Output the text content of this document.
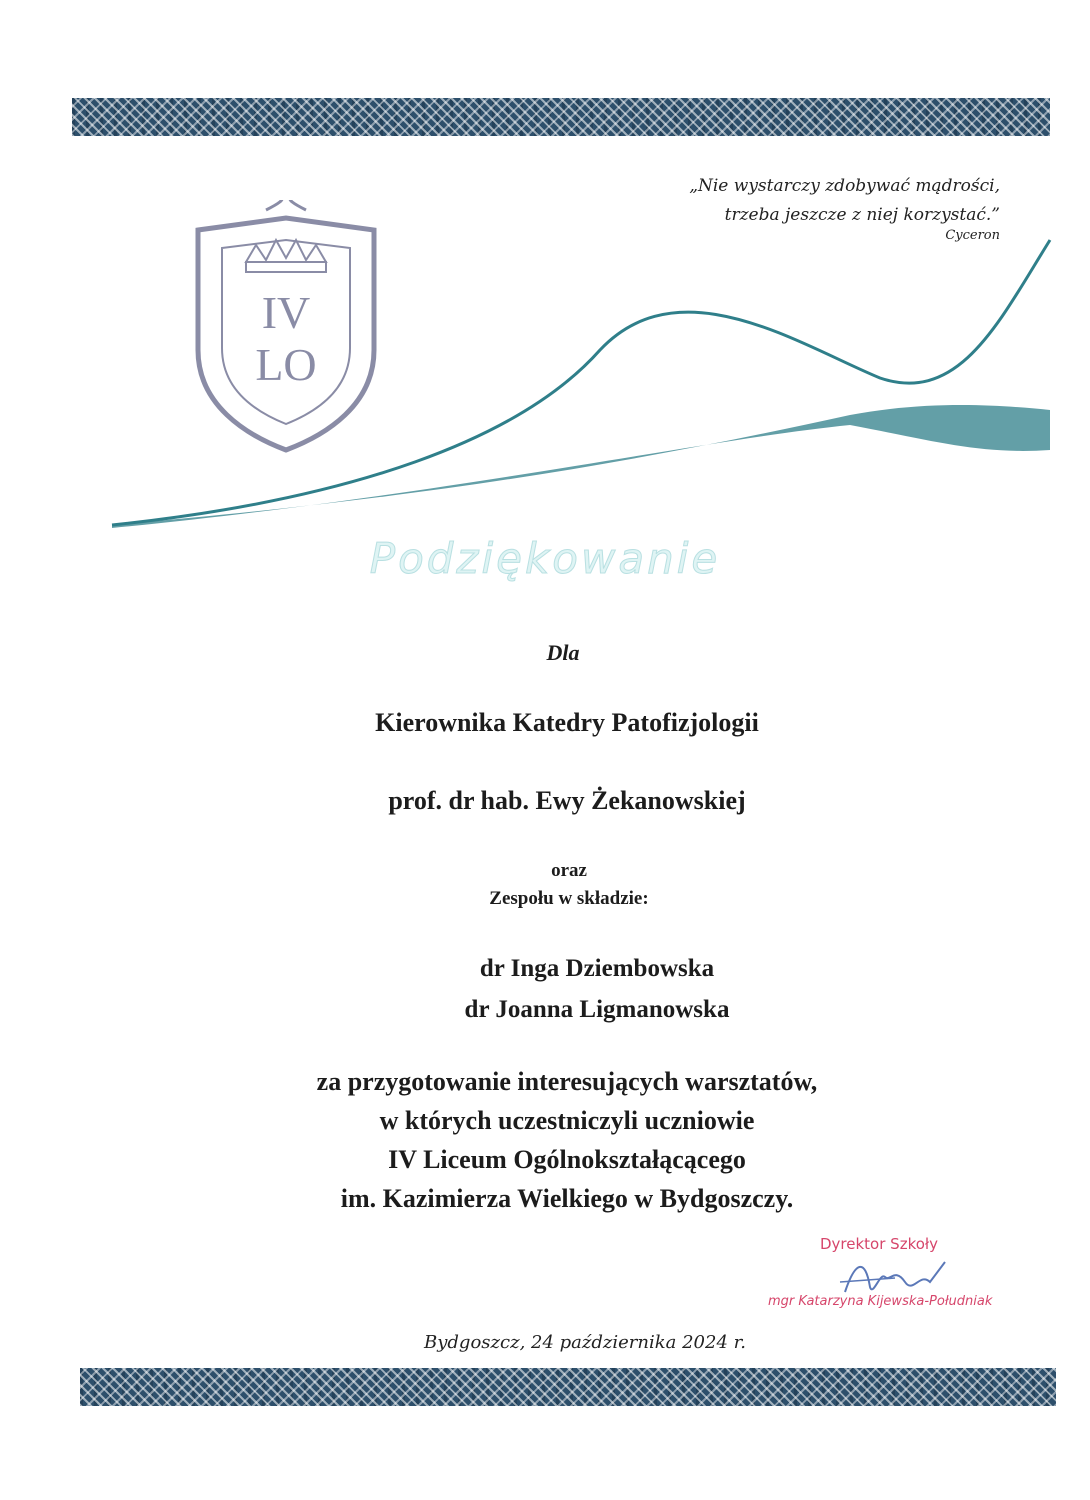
„Nie wystarczy zdobywać mądrości,
trzeba jeszcze z niej korzystać.”
Cyceron
IV
LO
Podziękowanie
Dla
Kierownika Katedry Patofizjologii
prof. dr hab. Ewy Żekanowskiej
oraz
Zespołu w składzie:
dr Inga Dziembowska
dr Joanna Ligmanowska
za przygotowanie interesujących warsztatów,
w których uczestniczyli uczniowie
IV Liceum Ogólnokształącącego
im. Kazimierza Wielkiego w Bydgoszczy.
Dyrektor Szkoły
mgr Katarzyna Kijewska-Południak
Bydgoszcz, 24 października 2024 r.
